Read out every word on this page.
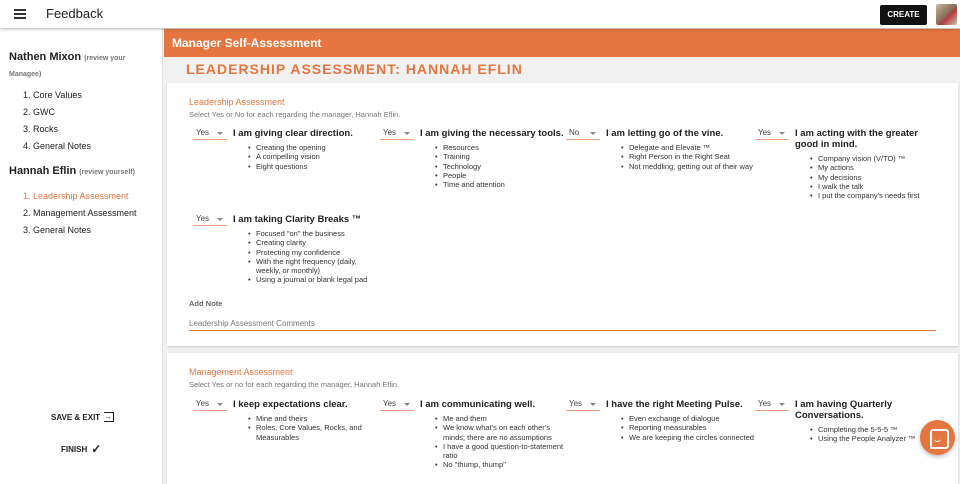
Feedback	CREATE
Nathen Mixon (review your Managee)
1. Core Values
2. GWC
3. Rocks
4. General Notes
Hannah Eflin (review yourself)
1. Leadership Assessment
2. Management Assessment
3. General Notes
SAVE & EXIT →
FINISH ✓
Manager Self-Assessment
LEADERSHIP ASSESSMENT: HANNAH EFLIN
Leadership Assessment
Select Yes or No for each regarding the manager, Hannah Eflin.
Yes	I am giving clear direction.
• Creating the opening
• A compelling vision
• Eight questions
Yes	I am giving the necessary tools.
• Resources
• Training
• Technology
• People
• Time and attention
No	I am letting go of the vine.
• Delegate and Elevate ™
• Right Person in the Right Seat
• Not meddling, getting out of their way
Yes	I am acting with the greater good in mind.
• Company vision (V/TO) ™
• My actions
• My decisions
• I walk the talk
• I put the company's needs first
Yes	I am taking Clarity Breaks ™
• Focused "on" the business
• Creating clarity
• Protecting my confidence
• With the right frequency (daily, weekly, or monthly)
• Using a journal or blank legal pad
Add Note
Leadership Assessment Comments
Management Assessment
Select Yes or no for each regarding the manager, Hannah Eflin.
Yes	I keep expectations clear.
• Mine and theirs
• Roles, Core Values, Rocks, and Measurables
Yes	I am communicating well.
• Me and them
• We know what's on each other's minds; there are no assumptions
• I have a good question-to-statement ratio
• No "thump, thump"
Yes	I have the right Meeting Pulse.
• Even exchange of dialogue
• Reporting measurables
• We are keeping the circles connected
Yes	I am having Quarterly Conversations.
• Completing the 5-5-5 ™
• Using the People Analyzer ™
